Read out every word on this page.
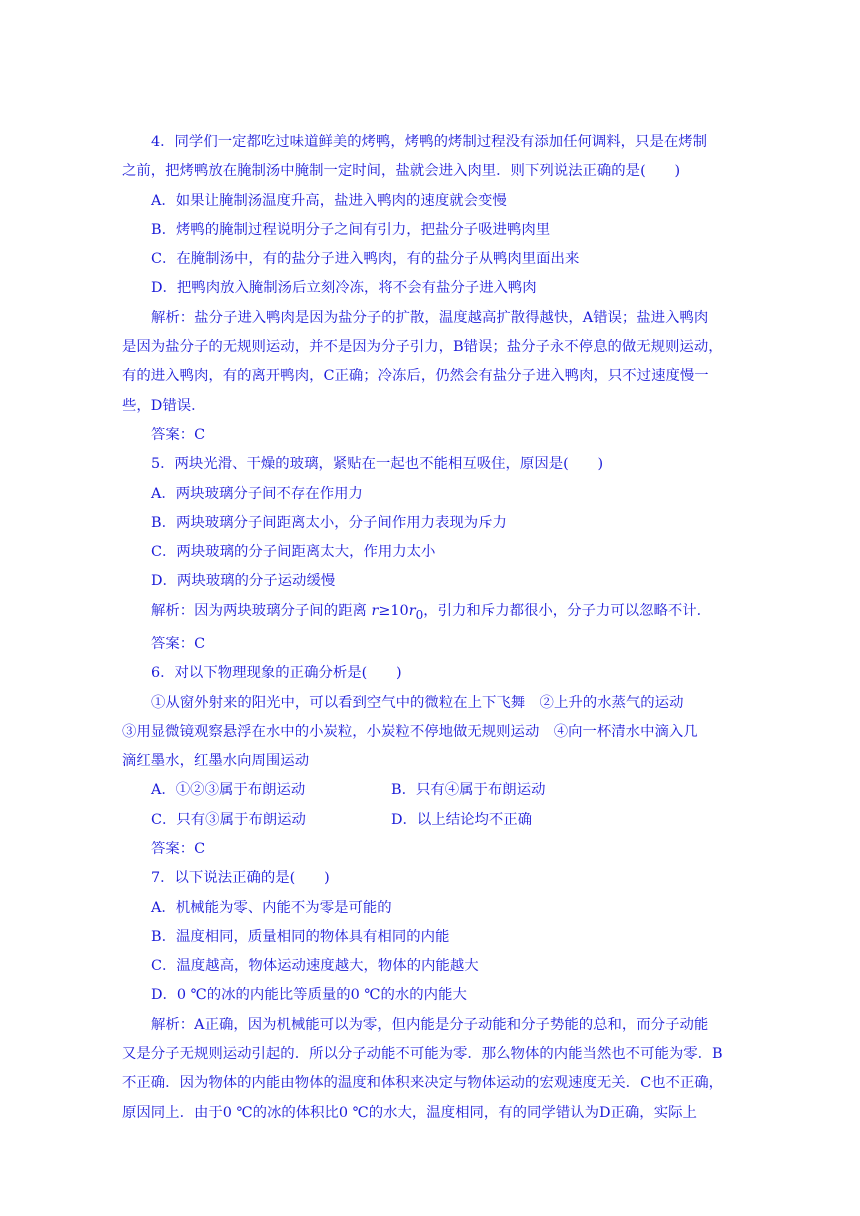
4．同学们一定都吃过味道鲜美的烤鸭，烤鸭的烤制过程没有添加任何调料，只是在烤制
之前，把烤鸭放在腌制汤中腌制一定时间，盐就会进入肉里．则下列说法正确的是(　　)
A．如果让腌制汤温度升高，盐进入鸭肉的速度就会变慢
B．烤鸭的腌制过程说明分子之间有引力，把盐分子吸进鸭肉里
C．在腌制汤中，有的盐分子进入鸭肉，有的盐分子从鸭肉里面出来
D．把鸭肉放入腌制汤后立刻冷冻，将不会有盐分子进入鸭肉
解析：盐分子进入鸭肉是因为盐分子的扩散，温度越高扩散得越快，A错误；盐进入鸭肉
是因为盐分子的无规则运动，并不是因为分子引力，B错误；盐分子永不停息的做无规则运动，
有的进入鸭肉，有的离开鸭肉，C正确；冷冻后，仍然会有盐分子进入鸭肉，只不过速度慢一
些，D错误．
答案：C
5．两块光滑、干燥的玻璃，紧贴在一起也不能相互吸住，原因是(　　)
A．两块玻璃分子间不存在作用力
B．两块玻璃分子间距离太小，分子间作用力表现为斥力
C．两块玻璃的分子间距离太大，作用力太小
D．两块玻璃的分子运动缓慢
解析：因为两块玻璃分子间的距离 $r\ge 10r_0$，引力和斥力都很小，分子力可以忽略不计．
答案：C
6．对以下物理现象的正确分析是(　　)
①从窗外射来的阳光中，可以看到空气中的微粒在上下飞舞　②上升的水蒸气的运动
③用显微镜观察悬浮在水中的小炭粒，小炭粒不停地做无规则运动　④向一杯清水中滴入几
滴红墨水，红墨水向周围运动
A．①②③属于布朗运动	B．只有④属于布朗运动
C．只有③属于布朗运动	D．以上结论均不正确
答案：C
7．以下说法正确的是(　　)
A．机械能为零、内能不为零是可能的
B．温度相同，质量相同的物体具有相同的内能
C．温度越高，物体运动速度越大，物体的内能越大
D．0 ℃的冰的内能比等质量的0 ℃的水的内能大
解析：A正确，因为机械能可以为零，但内能是分子动能和分子势能的总和，而分子动能
又是分子无规则运动引起的．所以分子动能不可能为零．那么物体的内能当然也不可能为零．B
不正确．因为物体的内能由物体的温度和体积来决定与物体运动的宏观速度无关．C也不正确，
原因同上．由于0 ℃的冰的体积比0 ℃的水大，温度相同，有的同学错认为D正确，实际上
